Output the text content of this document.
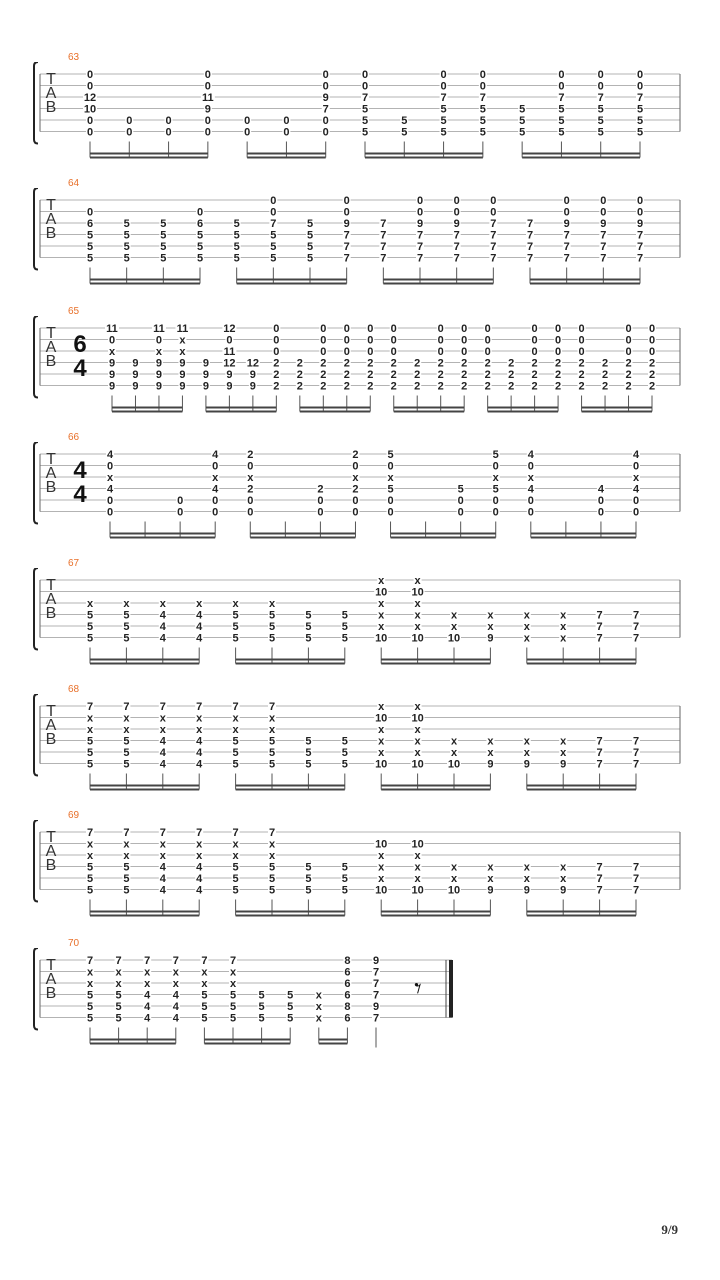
63
T
A
B
0
0
12
10
0
0
0
0
0
0
0
0
11
9
0
0
0
0
0
0
0
0
9
7
0
0
0
0
7
5
5
5
5
5
0
0
7
5
5
5
0
0
7
5
5
5
5
5
5
0
0
7
5
5
5
0
0
7
5
5
5
0
0
7
5
5
5
64
T
A
B
0
6
5
5
5
5
5
5
5
5
5
5
5
0
6
5
5
5
5
5
5
5
0
0
7
5
5
5
5
5
5
5
0
0
9
7
7
7
7
7
7
7
0
0
9
7
7
7
0
0
9
7
7
7
0
0
7
7
7
7
7
7
7
7
0
0
9
7
7
7
0
0
9
7
7
7
0
0
9
7
7
7
65
T
A
B
6
4
11
0
x
9
9
9
9
9
9
11
0
x
9
9
9
11
x
x
9
9
9
9
9
9
12
0
11
12
9
9
12
9
9
0
0
0
2
2
2
2
2
2
0
0
0
2
2
2
0
0
0
2
2
2
0
0
0
2
2
2
0
0
0
2
2
2
2
2
2
0
0
0
2
2
2
0
0
0
2
2
2
0
0
0
2
2
2
2
2
2
0
0
0
2
2
2
0
0
0
2
2
2
0
0
0
2
2
2
2
2
2
0
0
0
2
2
2
0
0
0
2
2
2
66
T
A
B
4
4
4
0
x
4
0
0
0
0
4
0
x
4
0
0
2
0
x
2
0
0
2
0
0
2
0
x
2
0
0
5
0
x
5
0
0
5
0
0
5
0
x
5
0
0
4
0
x
4
0
0
4
0
0
4
0
x
4
0
0
67
T
A
B
x
5
5
5
x
5
5
5
x
4
4
4
x
4
4
4
x
5
5
5
x
5
5
5
5
5
5
5
5
5
x
10
x
x
x
10
x
10
x
x
x
10
x
x
10
x
x
9
x
x
x
x
x
x
7
7
7
7
7
7
68
T
A
B
7
x
x
5
5
5
7
x
x
5
5
5
7
x
x
4
4
4
7
x
x
4
4
4
7
x
x
5
5
5
7
x
x
5
5
5
5
5
5
5
5
5
x
10
x
x
x
10
x
10
x
x
x
10
x
x
10
x
x
9
x
x
9
x
x
9
7
7
7
7
7
7
69
T
A
B
7
x
x
5
5
5
7
x
x
5
5
5
7
x
x
4
4
4
7
x
x
4
4
4
7
x
x
5
5
5
7
x
x
5
5
5
5
5
5
5
5
5
10
x
x
x
10
10
x
x
x
10
x
x
10
x
x
9
x
x
9
x
x
9
7
7
7
7
7
7
70
T
A
B
7
x
x
5
5
5
7
x
x
5
5
5
7
x
x
4
4
4
7
x
x
4
4
4
7
x
x
5
5
5
7
x
x
5
5
5
5
5
5
5
5
5
x
x
x
8
6
6
6
8
6
9
7
7
7
9
7
𝄾
9/9
